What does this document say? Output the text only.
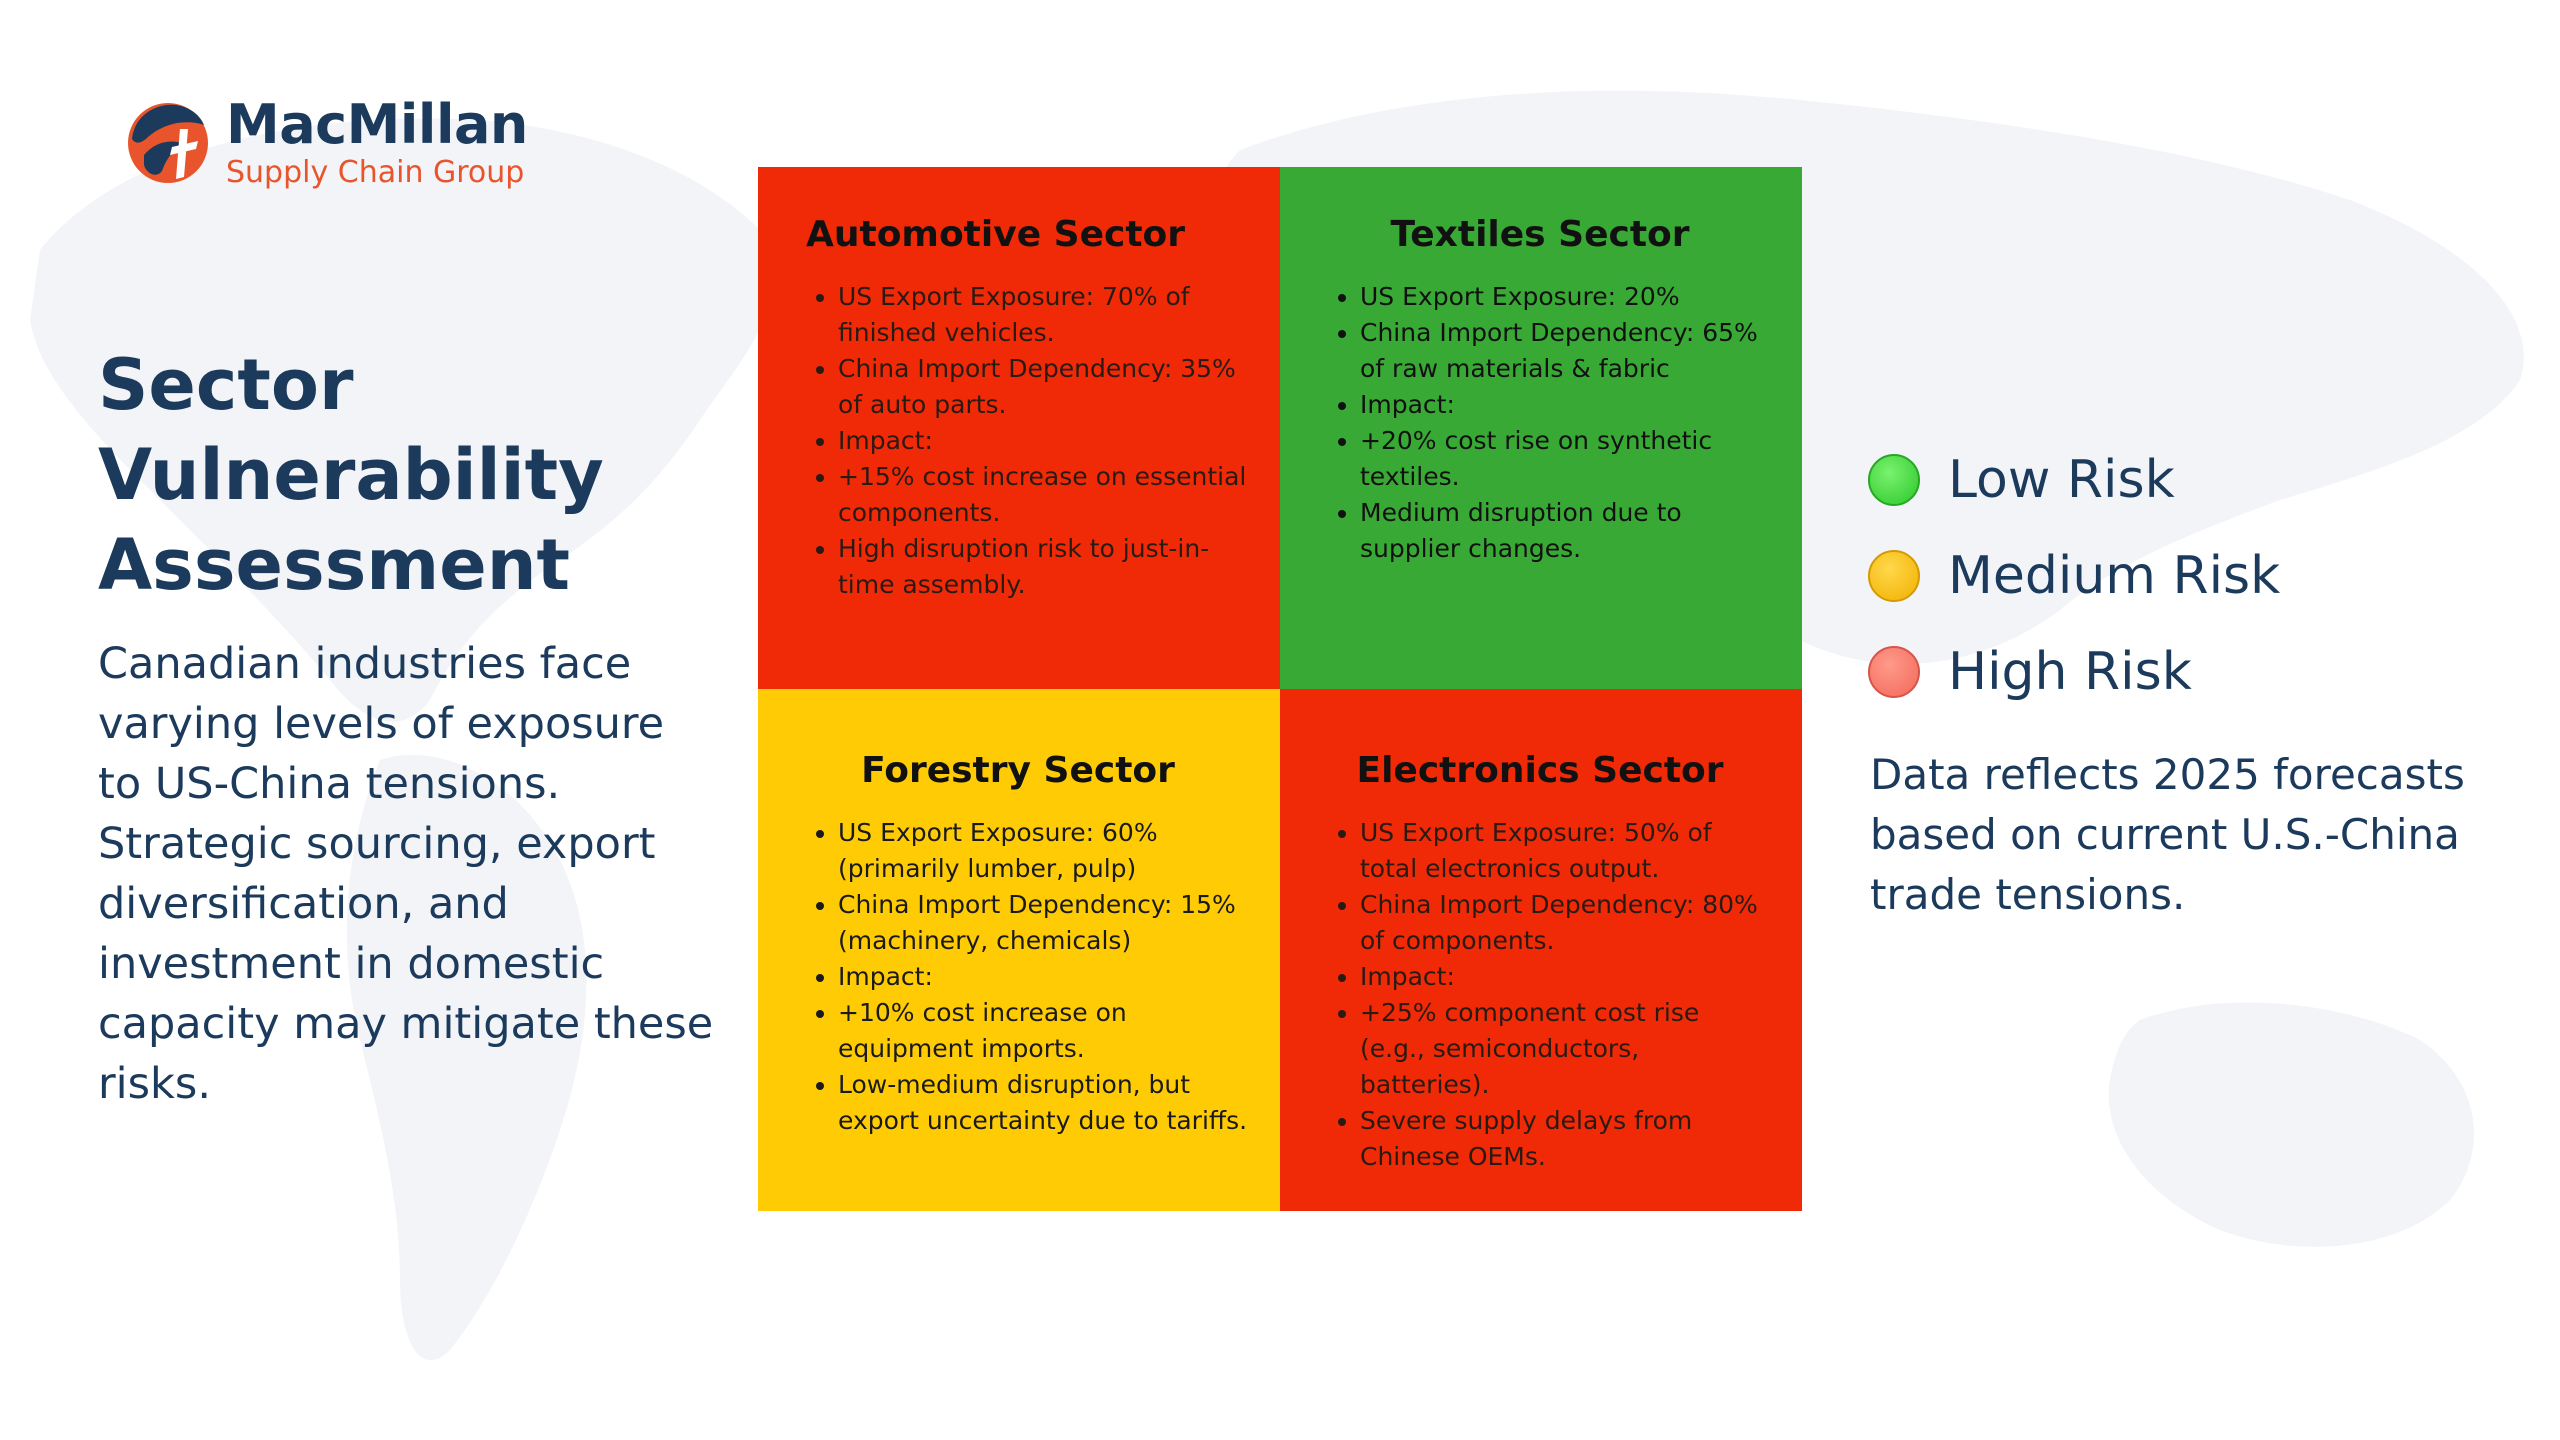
MacMillan
Supply Chain Group
Sector Vulnerability Assessment

Canadian industries face varying levels of exposure to US-China tensions. Strategic sourcing, export diversification, and investment in domestic capacity may mitigate these risks.

Automotive Sector
• US Export Exposure: 70% of finished vehicles.
• China Import Dependency: 35% of auto parts.
• Impact:
• +15% cost increase on essential components.
• High disruption risk to just-in-time assembly.
Textiles Sector
• US Export Exposure: 20%
• China Import Dependency: 65% of raw materials & fabric
• Impact:
• +20% cost rise on synthetic textiles.
• Medium disruption due to supplier changes.
Forestry Sector
• US Export Exposure: 60% (primarily lumber, pulp)
• China Import Dependency: 15% (machinery, chemicals)
• Impact:
• +10% cost increase on equipment imports.
• Low-medium disruption, but export uncertainty due to tariffs.
Electronics Sector
• US Export Exposure: 50% of total electronics output.
• China Import Dependency: 80% of components.
• Impact:
• +25% component cost rise (e.g., semiconductors, batteries).
• Severe supply delays from Chinese OEMs.
Low Risk
Medium Risk
High Risk

Data reflects 2025 forecasts based on current U.S.-China trade tensions.
